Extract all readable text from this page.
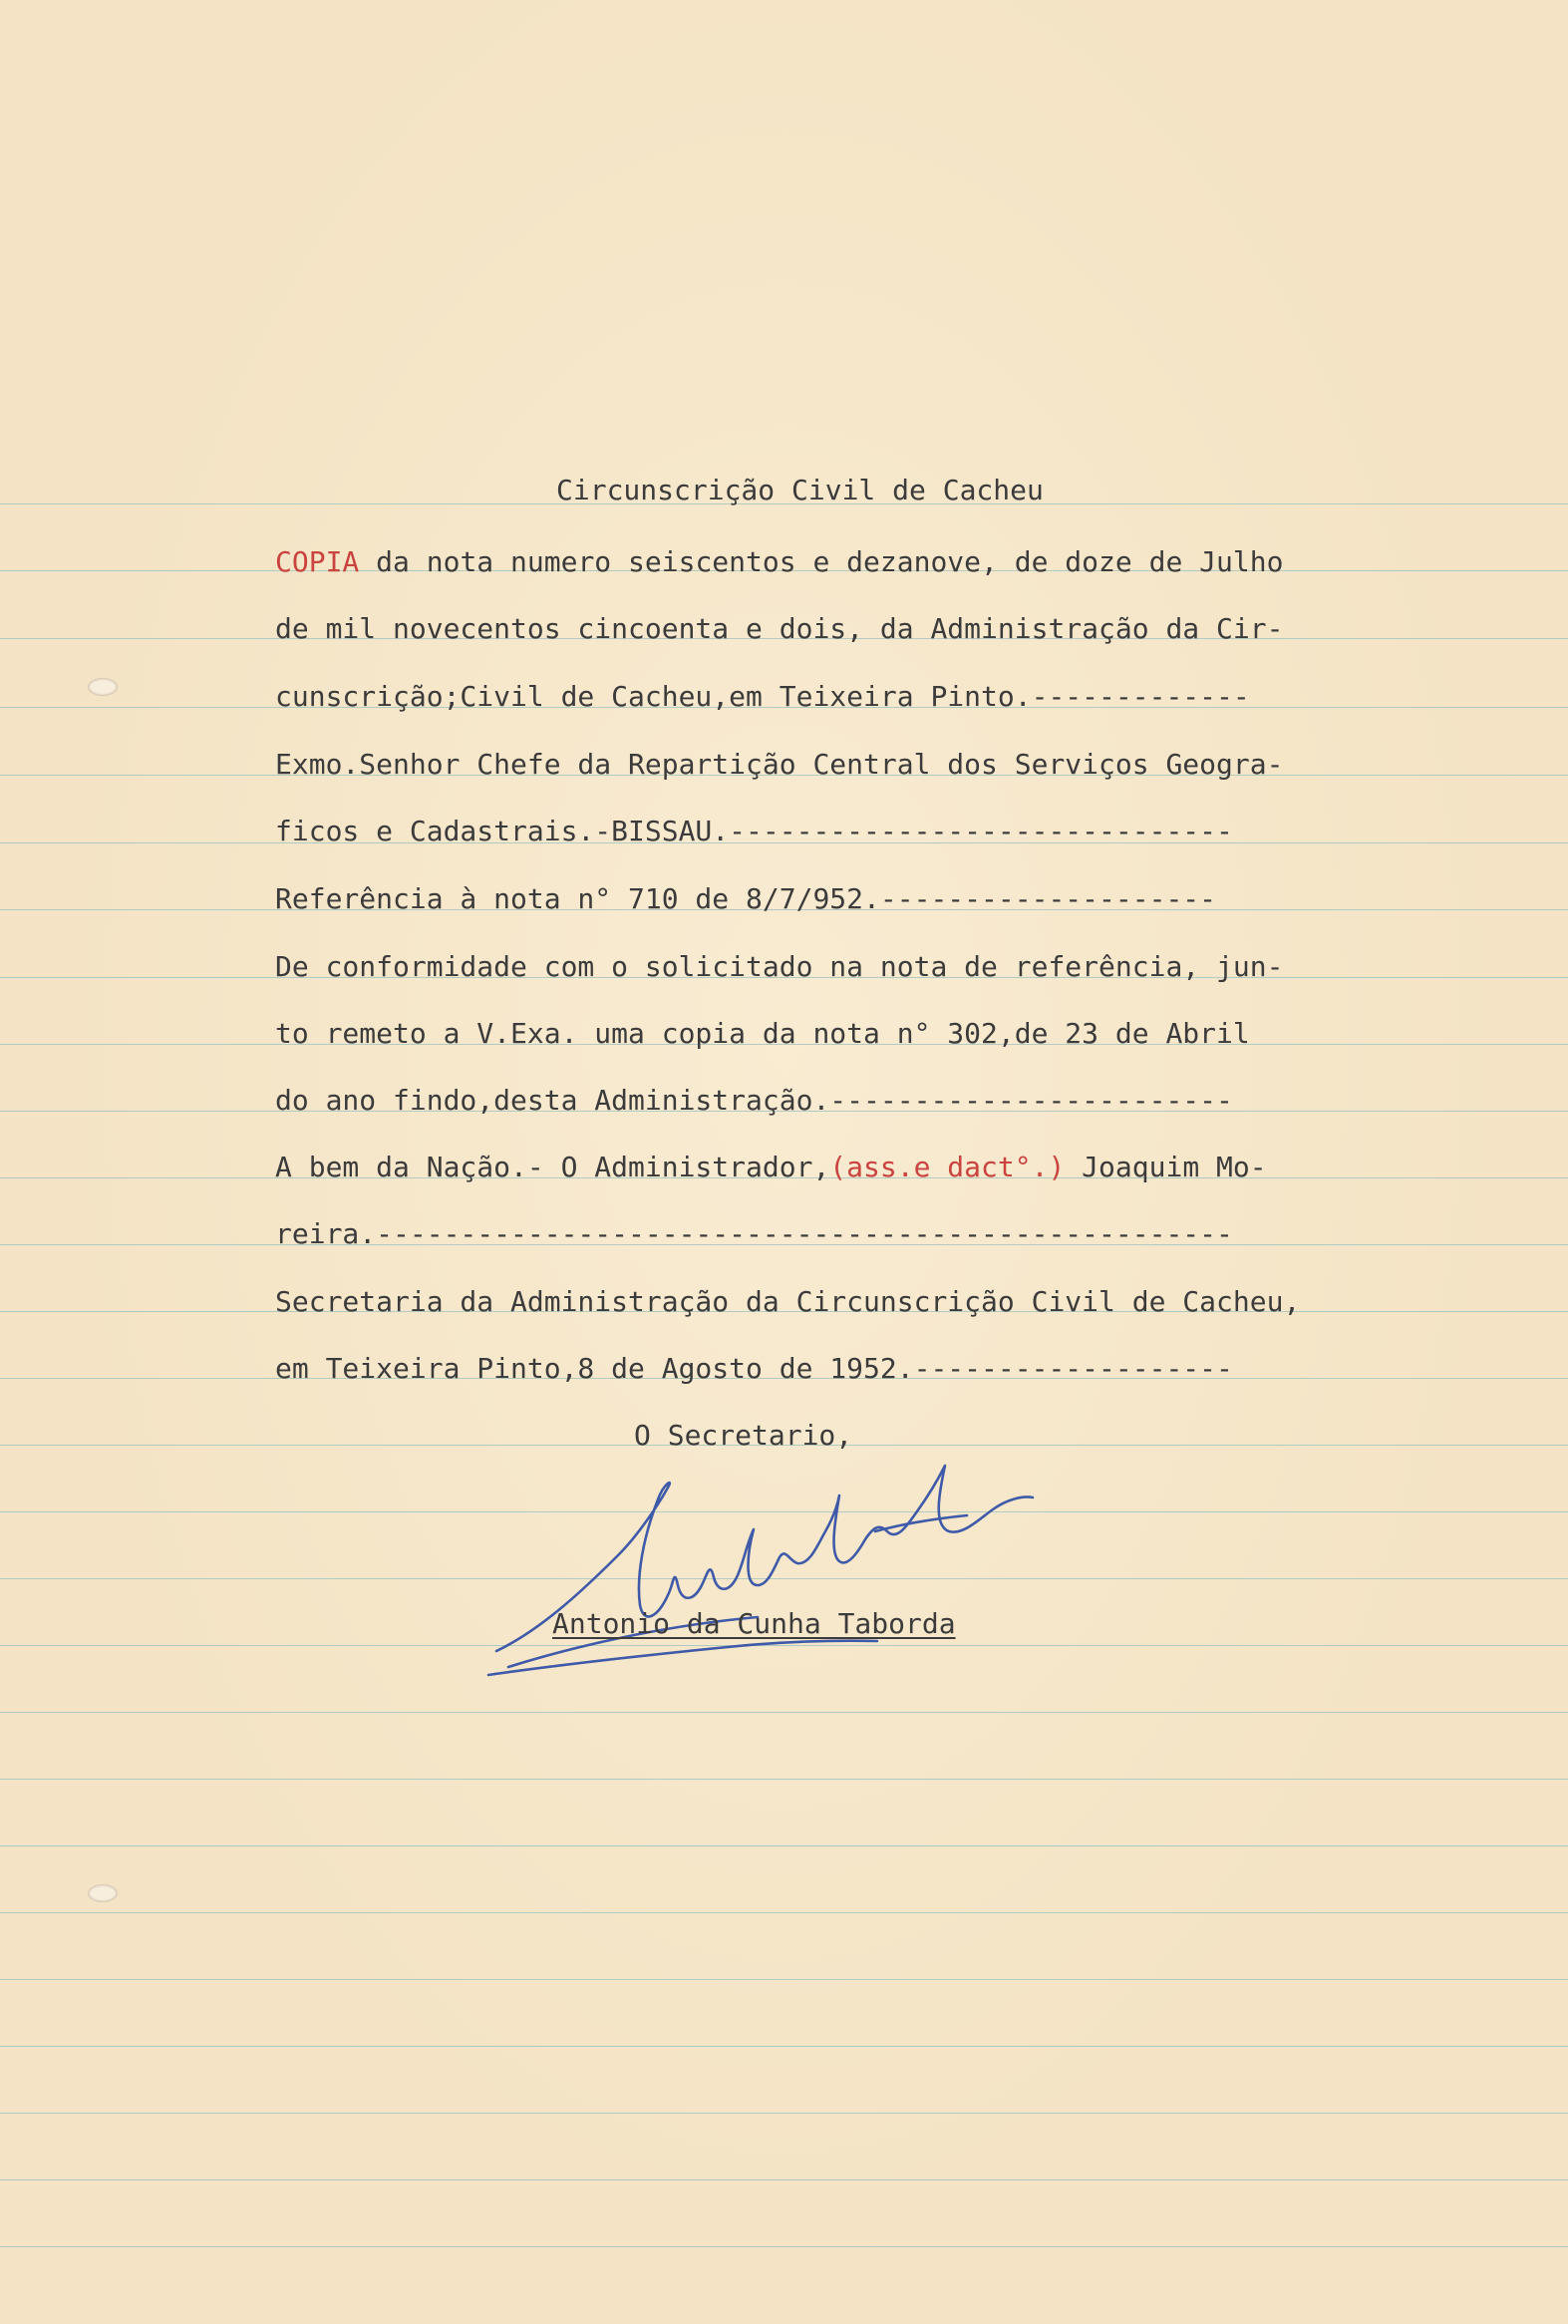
Circunscrição Civil de Cacheu
COPIA da nota numero seiscentos e dezanove, de doze de Julho
de mil novecentos cincoenta e dois, da Administração da Cir-
cunscrição;Civil de Cacheu,em Teixeira Pinto.-------------
Exmo.Senhor Chefe da Repartição Central dos Serviços Geogra-
ficos e Cadastrais.-BISSAU.------------------------------
Referência à nota n° 710 de 8/7/952.--------------------
De conformidade com o solicitado na nota de referência, jun-
to remeto a V.Exa. uma copia da nota n° 302,de 23 de Abril
do ano findo,desta Administração.------------------------
A bem da Nação.- O Administrador,(ass.e dact°.) Joaquim Mo-
reira.---------------------------------------------------
Secretaria da Administração da Circunscrição Civil de Cacheu,
em Teixeira Pinto,8 de Agosto de 1952.-------------------
O Secretario,
Antonio da Cunha Taborda
